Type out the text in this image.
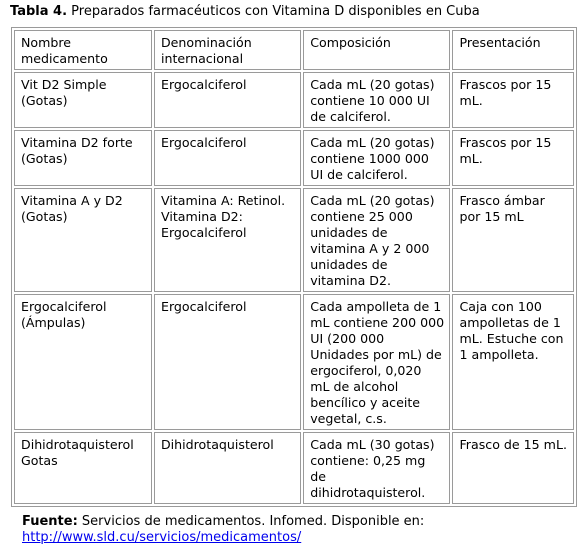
Tabla 4. Preparados farmacéuticos con Vitamina D disponibles en Cuba
Nombre medicamento	Denominación internacional	Composición	Presentación
Vit D2 Simple (Gotas)	Ergocalciferol	Cada mL (20 gotas) contiene 10 000 UI de calciferol.	Frascos por 15 mL.
Vitamina D2 forte (Gotas)	Ergocalciferol	Cada mL (20 gotas) contiene 1000 000 UI de calciferol.	Frascos por 15 mL.
Vitamina A y D2 (Gotas)	Vitamina A: Retinol. Vitamina D2: Ergocalciferol	Cada mL (20 gotas) contiene 25 000 unidades de vitamina A y 2 000 unidades de vitamina D2.	Frasco ámbar por 15 mL
Ergocalciferol (Ámpulas)	Ergocalciferol	Cada ampolleta de 1 mL contiene 200 000 UI (200 000 Unidades por mL) de ergociferol, 0,020 mL de alcohol bencílico y aceite vegetal, c.s.	Caja con 100 ampolletas de 1 mL. Estuche con 1 ampolleta.
Dihidrotaquisterol Gotas	Dihidrotaquisterol	Cada mL (30 gotas) contiene: 0,25 mg de dihidrotaquisterol.	Frasco de 15 mL.
Fuente: Servicios de medicamentos. Infomed. Disponible en:
http://www.sld.cu/servicios/medicamentos/
